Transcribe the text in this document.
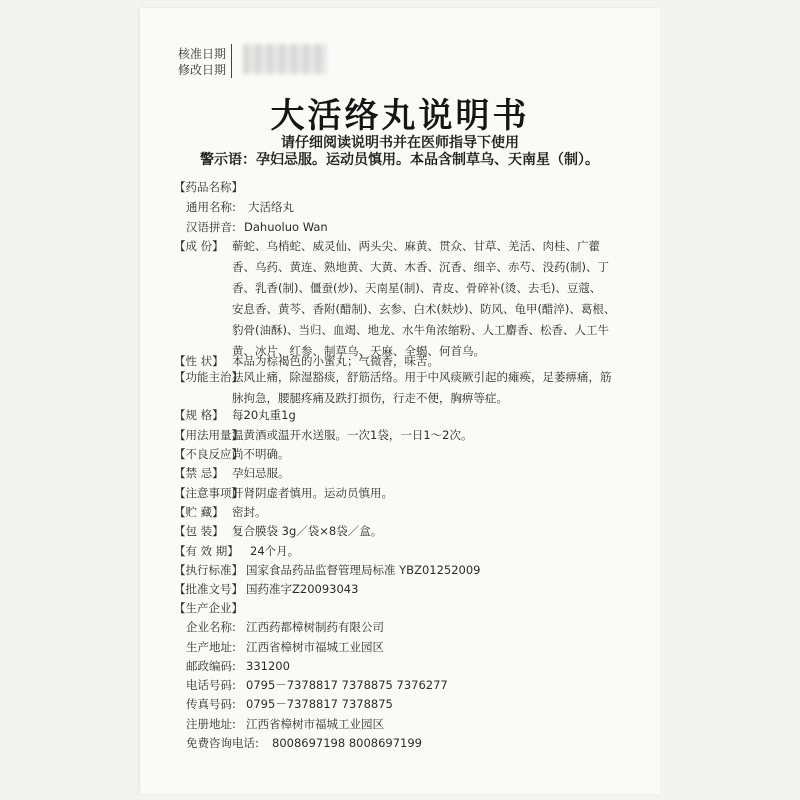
核准日期
修改日期
大活络丸说明书
请仔细阅读说明书并在医师指导下使用
警示语：孕妇忌服。运动员慎用。本品含制草乌、天南星（制）。
【药品名称】
通用名称: 大活络丸
汉语拼音: Dahuoluo Wan
【成 份】 蕲蛇、乌梢蛇、威灵仙、两头尖、麻黄、贯众、甘草、羌活、肉桂、广藿
香、乌药、黄连、熟地黄、大黄、木香、沉香、细辛、赤芍、没药(制)、丁
香、乳香(制)、僵蚕(炒)、天南星(制)、青皮、骨碎补(烫、去毛)、豆蔻、
安息香、黄芩、香附(醋制)、玄参、白术(麸炒)、防风、龟甲(醋淬)、葛根、
豹骨(油酥)、当归、血竭、地龙、水牛角浓缩粉、人工麝香、松香、人工牛
黄、冰片、红参、制草乌、天麻、全蝎、何首乌。
【性 状】 本品为棕褐色的小蜜丸；气微香，味苦。
【功能主治】
祛风止痛，除湿豁痰，舒筋活络。用于中风痰厥引起的瘫痪，足萎痹痛，筋
脉拘急，腰腿疼痛及跌打损伤，行走不便，胸痹等症。
【规 格】 每20丸重1g
【用法用量】
温黄酒或温开水送服。一次1袋，一日1～2次。
【不良反应】
尚不明确。
【禁 忌】 孕妇忌服。
【注意事项】
肝肾阴虚者慎用。运动员慎用。
【贮 藏】 密封。
【包 装】 复合膜袋 3g／袋×8袋／盒。
【有 效 期】 24个月。
【执行标准】 国家食品药品监督管理局标准 YBZ01252009
【批准文号】 国药准字Z20093043
【生产企业】
企业名称: 江西药都樟树制药有限公司
生产地址: 江西省樟树市福城工业园区
邮政编码: 331200
电话号码: 0795－7378817 7378875 7376277
传真号码: 0795－7378817 7378875
注册地址: 江西省樟树市福城工业园区
免费咨询电话: 8008697198 8008697199
